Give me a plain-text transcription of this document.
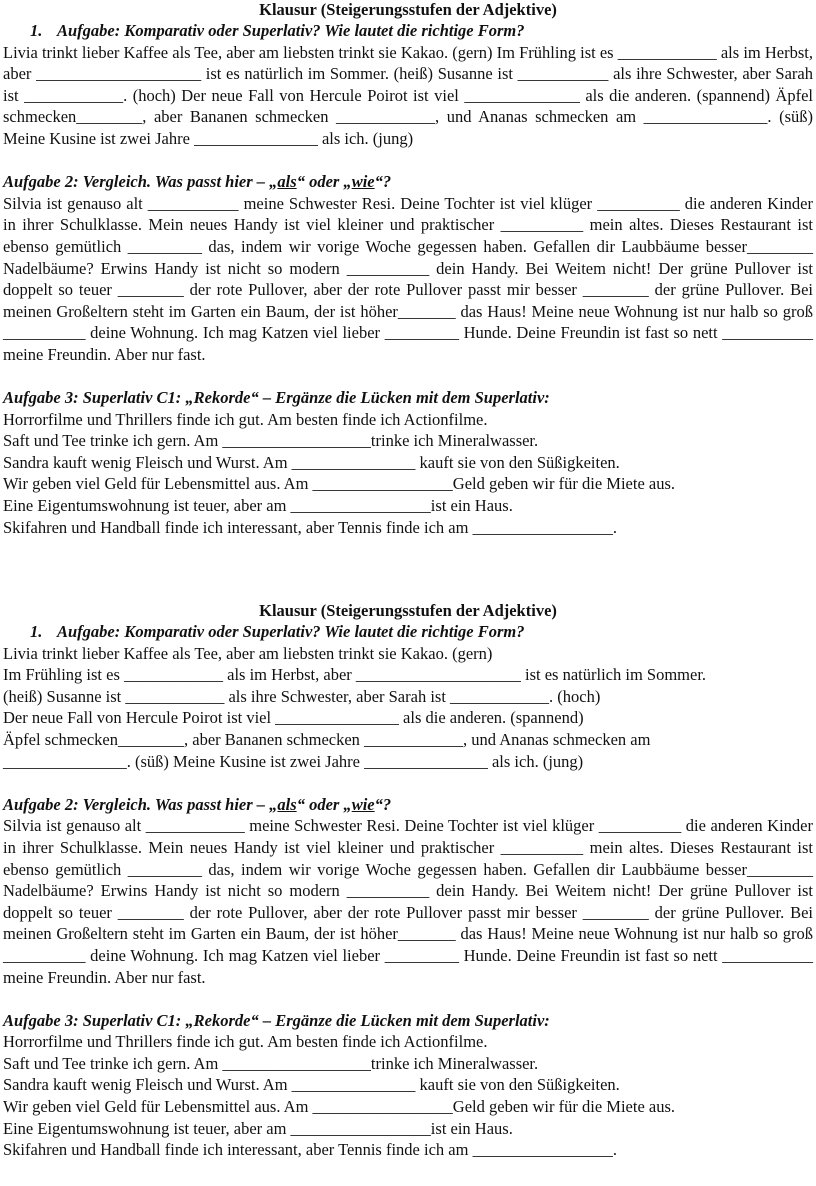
Klausur (Steigerungsstufen der Adjektive)

1. Aufgabe: Komparativ oder Superlativ? Wie lautet die richtige Form?

Livia trinkt lieber Kaffee als Tee, aber am liebsten trinkt sie Kakao. (gern) Im Frühling ist es ____________ als im Herbst, aber ____________________ ist es natürlich im Sommer. (heiß) Susanne ist ___________ als ihre Schwester, aber Sarah ist ____________. (hoch) Der neue Fall von Hercule Poirot ist viel ______________ als die anderen. (spannend) Äpfel schmecken________, aber Bananen schmecken ____________, und Ananas schmecken am _______________. (süß) Meine Kusine ist zwei Jahre _______________ als ich. (jung)

Aufgabe 2: Vergleich. Was passt hier – „als“ oder „wie“?

Silvia ist genauso alt ___________ meine Schwester Resi. Deine Tochter ist viel klüger __________ die anderen Kinder in ihrer Schulklasse. Mein neues Handy ist viel kleiner und praktischer __________ mein altes. Dieses Restaurant ist ebenso gemütlich _________ das, indem wir vorige Woche gegessen haben. Gefallen dir Laubbäume besser________ Nadelbäume? Erwins Handy ist nicht so modern __________ dein Handy. Bei Weitem nicht! Der grüne Pullover ist doppelt so teuer ________ der rote Pullover, aber der rote Pullover passt mir besser ________ der grüne Pullover. Bei meinen Großeltern steht im Garten ein Baum, der ist höher_______ das Haus! Meine neue Wohnung ist nur halb so groß __________ deine Wohnung. Ich mag Katzen viel lieber _________ Hunde. Deine Freundin ist fast so nett ___________ meine Freundin. Aber nur fast.

Aufgabe 3: Superlativ C1: „Rekorde“ – Ergänze die Lücken mit dem Superlativ:

Horrorfilme und Thrillers finde ich gut. Am besten finde ich Actionfilme.

Saft und Tee trinke ich gern. Am __________________trinke ich Mineralwasser.

Sandra kauft wenig Fleisch und Wurst. Am _______________ kauft sie von den Süßigkeiten.

Wir geben viel Geld für Lebensmittel aus. Am _________________Geld geben wir für die Miete aus.

Eine Eigentumswohnung ist teuer, aber am _________________ist ein Haus.

Skifahren und Handball finde ich interessant, aber Tennis finde ich am _________________.

Klausur (Steigerungsstufen der Adjektive)

1. Aufgabe: Komparativ oder Superlativ? Wie lautet die richtige Form?

Livia trinkt lieber Kaffee als Tee, aber am liebsten trinkt sie Kakao. (gern)

Im Frühling ist es ____________ als im Herbst, aber ____________________ ist es natürlich im Sommer.

(heiß) Susanne ist ____________ als ihre Schwester, aber Sarah ist ____________. (hoch)

Der neue Fall von Hercule Poirot ist viel _______________ als die anderen. (spannend)

Äpfel schmecken________, aber Bananen schmecken ____________, und Ananas schmecken am

_______________. (süß) Meine Kusine ist zwei Jahre _______________ als ich. (jung)

Aufgabe 2: Vergleich. Was passt hier – „als“ oder „wie“?

Silvia ist genauso alt ____________ meine Schwester Resi. Deine Tochter ist viel klüger __________ die anderen Kinder in ihrer Schulklasse. Mein neues Handy ist viel kleiner und praktischer __________ mein altes. Dieses Restaurant ist ebenso gemütlich _________ das, indem wir vorige Woche gegessen haben. Gefallen dir Laubbäume besser________ Nadelbäume? Erwins Handy ist nicht so modern __________ dein Handy. Bei Weitem nicht! Der grüne Pullover ist doppelt so teuer ________ der rote Pullover, aber der rote Pullover passt mir besser ________ der grüne Pullover. Bei meinen Großeltern steht im Garten ein Baum, der ist höher_______ das Haus! Meine neue Wohnung ist nur halb so groß __________ deine Wohnung. Ich mag Katzen viel lieber _________ Hunde. Deine Freundin ist fast so nett ___________ meine Freundin. Aber nur fast.

Aufgabe 3: Superlativ C1: „Rekorde“ – Ergänze die Lücken mit dem Superlativ:

Horrorfilme und Thrillers finde ich gut. Am besten finde ich Actionfilme.

Saft und Tee trinke ich gern. Am __________________trinke ich Mineralwasser.

Sandra kauft wenig Fleisch und Wurst. Am _______________ kauft sie von den Süßigkeiten.

Wir geben viel Geld für Lebensmittel aus. Am _________________Geld geben wir für die Miete aus.

Eine Eigentumswohnung ist teuer, aber am _________________ist ein Haus.

Skifahren und Handball finde ich interessant, aber Tennis finde ich am _________________.
